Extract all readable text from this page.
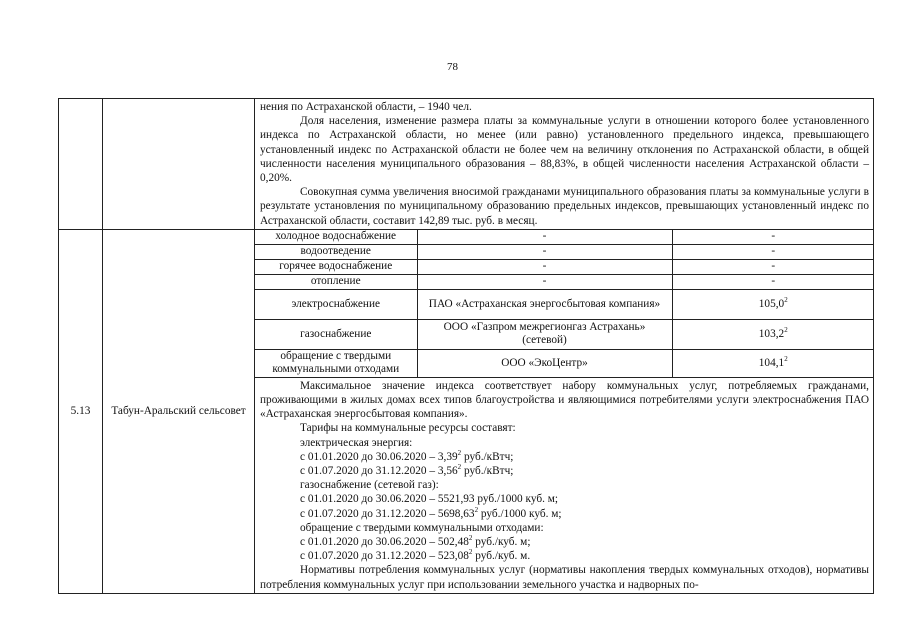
78

нения по Астраханской области, – 1940 чел.

Доля населения, изменение размера платы за коммунальные услуги в отношении которого более установленного индекса по Астраханской области, но менее (или равно) установленного предельного индекса, превышающего установленный индекс по Астраханской области не более чем на величину отклонения по Астраханской области, в общей численности населения муниципального образования – 88,83%, в общей численности населения Астраханской области – 0,20%.

Совокупная сумма увеличения вносимой гражданами муниципального образования платы за коммунальные услуги в результате установления по муниципальному образованию предельных индексов, превышающих установленный индекс по Астраханской области, составит 142,89 тыс. руб. в месяц.

5.13	Табун-Аральский сельсовет	
холодное водоснабжение	-	-
водоотведение	-	-
горячее водоснабжение	-	-
отопление	-	-
электроснабжение	ПАО «Астраханская энергосбытовая компания»	105,0$^2$
газоснабжение	ООО «Газпром межрегионгаз Астрахань» (сетевой)	103,2$^2$
обращение с твердыми коммунальными отходами	ООО «ЭкоЦентр»	104,1$^2$

Максимальное значение индекса соответствует набору коммунальных услуг, потребляемых гражданами, проживающими в жилых домах всех типов благоустройства и являющимися потребителями услуги электроснабжения ПАО «Астраханская энергосбытовая компания».

Тарифы на коммунальные ресурсы составят:

электрическая энергия:

с 01.01.2020 до 30.06.2020 – 3,39$^2$ руб./кВтч;

с 01.07.2020 до 31.12.2020 – 3,56$^2$ руб./кВтч;

газоснабжение (сетевой газ):

с 01.01.2020 до 30.06.2020 – 5521,93 руб./1000 куб. м;

с 01.07.2020 до 31.12.2020 – 5698,63$^2$ руб./1000 куб. м;

обращение с твердыми коммунальными отходами:

с 01.01.2020 до 30.06.2020 – 502,48$^2$ руб./куб. м;

с 01.07.2020 до 31.12.2020 – 523,08$^2$ руб./куб. м.

Нормативы потребления коммунальных услуг (нормативы накопления твердых коммунальных отходов), нормативы потребления коммунальных услуг при использовании земельного участка и надворных по-
